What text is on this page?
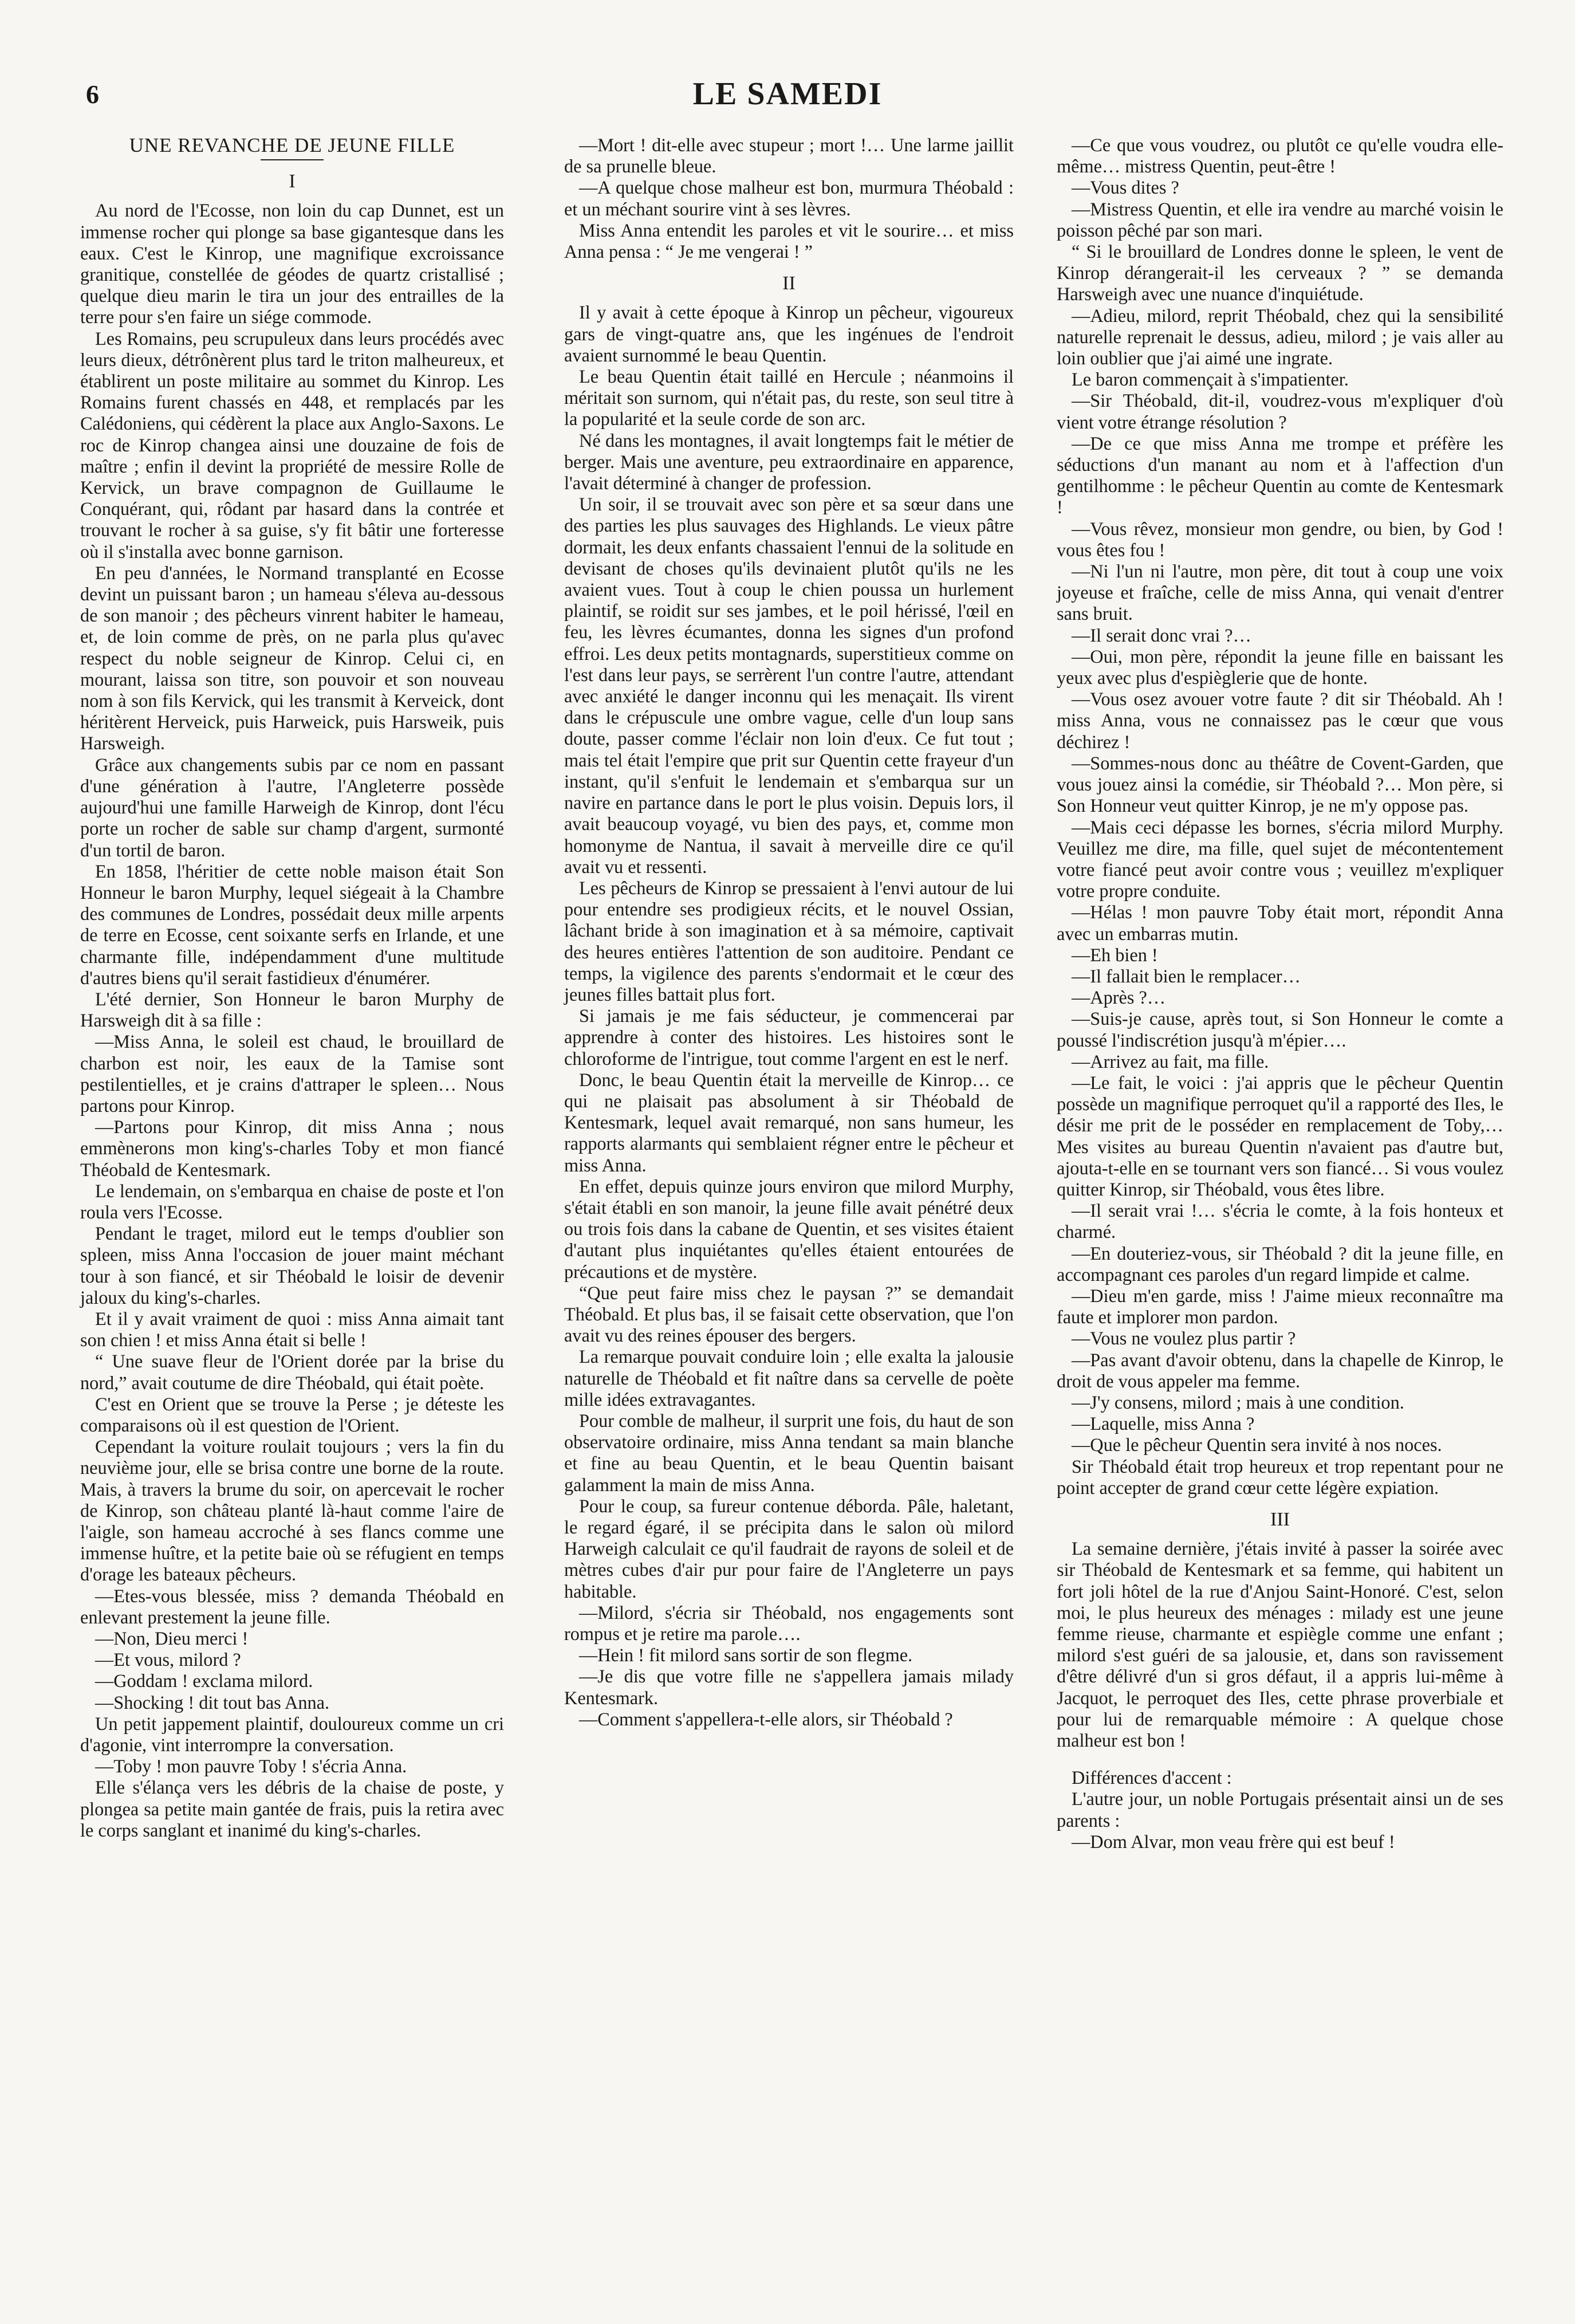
6	LE SAMEDI
UNE REVANCHE DE JEUNE FILLE
I

Au nord de l'Ecosse, non loin du cap Dunnet, est un immense rocher qui plonge sa base gigantesque dans les eaux. C'est le Kinrop, une magnifique excroissance granitique, constellée de géodes de quartz cristallisé ; quelque dieu marin le tira un jour des entrailles de la terre pour s'en faire un siége commode.

Les Romains, peu scrupuleux dans leurs procédés avec leurs dieux, détrônèrent plus tard le triton malheureux, et établirent un poste militaire au sommet du Kinrop. Les Romains furent chassés en 448, et remplacés par les Calédoniens, qui cédèrent la place aux Anglo-Saxons. Le roc de Kinrop changea ainsi une douzaine de fois de maître ; enfin il devint la propriété de messire Rolle de Kervick, un brave compagnon de Guillaume le Conquérant, qui, rôdant par hasard dans la contrée et trouvant le rocher à sa guise, s'y fit bâtir une forteresse où il s'installa avec bonne garnison.

En peu d'années, le Normand transplanté en Ecosse devint un puissant baron ; un hameau s'éleva au-dessous de son manoir ; des pêcheurs vinrent habiter le hameau, et, de loin comme de près, on ne parla plus qu'avec respect du noble seigneur de Kinrop. Celui ci, en mourant, laissa son titre, son pouvoir et son nouveau nom à son fils Kervick, qui les transmit à Kerveick, dont héritèrent Herveick, puis Harweick, puis Harsweik, puis Harsweigh.

Grâce aux changements subis par ce nom en passant d'une génération à l'autre, l'Angleterre possède aujourd'hui une famille Harweigh de Kinrop, dont l'écu porte un rocher de sable sur champ d'argent, surmonté d'un tortil de baron.

En 1858, l'héritier de cette noble maison était Son Honneur le baron Murphy, lequel siégeait à la Chambre des communes de Londres, possédait deux mille arpents de terre en Ecosse, cent soixante serfs en Irlande, et une charmante fille, indépendamment d'une multitude d'autres biens qu'il serait fastidieux d'énumérer.

L'été dernier, Son Honneur le baron Murphy de Harsweigh dit à sa fille :

—Miss Anna, le soleil est chaud, le brouillard de charbon est noir, les eaux de la Tamise sont pestilentielles, et je crains d'attraper le spleen… Nous partons pour Kinrop.

—Partons pour Kinrop, dit miss Anna ; nous emmènerons mon king's-charles Toby et mon fiancé Théobald de Kentesmark.

Le lendemain, on s'embarqua en chaise de poste et l'on roula vers l'Ecosse.

Pendant le traget, milord eut le temps d'oublier son spleen, miss Anna l'occasion de jouer maint méchant tour à son fiancé, et sir Théobald le loisir de devenir jaloux du king's-charles.

Et il y avait vraiment de quoi : miss Anna aimait tant son chien ! et miss Anna était si belle !

“ Une suave fleur de l'Orient dorée par la brise du nord,” avait coutume de dire Théobald, qui était poète.

C'est en Orient que se trouve la Perse ; je déteste les comparaisons où il est question de l'Orient.

Cependant la voiture roulait toujours ; vers la fin du neuvième jour, elle se brisa contre une borne de la route. Mais, à travers la brume du soir, on apercevait le rocher de Kinrop, son château planté là-haut comme l'aire de l'aigle, son hameau accroché à ses flancs comme une immense huître, et la petite baie où se réfugient en temps d'orage les bateaux pêcheurs.

—Etes-vous blessée, miss ? demanda Théobald en enlevant prestement la jeune fille.

—Non, Dieu merci !

—Et vous, milord ?

—Goddam ! exclama milord.

—Shocking ! dit tout bas Anna.

Un petit jappement plaintif, douloureux comme un cri d'agonie, vint interrompre la conversation.

—Toby ! mon pauvre Toby ! s'écria Anna.

Elle s'élança vers les débris de la chaise de poste, y plongea sa petite main gantée de frais, puis la retira avec le corps sanglant et inanimé du king's-charles.

—Mort ! dit-elle avec stupeur ; mort !… Une larme jaillit de sa prunelle bleue.

—A quelque chose malheur est bon, murmura Théobald : et un méchant sourire vint à ses lèvres.

Miss Anna entendit les paroles et vit le sourire… et miss Anna pensa : “ Je me vengerai ! ”

II

Il y avait à cette époque à Kinrop un pêcheur, vigoureux gars de vingt-quatre ans, que les ingénues de l'endroit avaient surnommé le beau Quentin.

Le beau Quentin était taillé en Hercule ; néanmoins il méritait son surnom, qui n'était pas, du reste, son seul titre à la popularité et la seule corde de son arc.

Né dans les montagnes, il avait longtemps fait le métier de berger. Mais une aventure, peu extraordinaire en apparence, l'avait déterminé à changer de profession.

Un soir, il se trouvait avec son père et sa sœur dans une des parties les plus sauvages des Highlands. Le vieux pâtre dormait, les deux enfants chassaient l'ennui de la solitude en devisant de choses qu'ils devinaient plutôt qu'ils ne les avaient vues. Tout à coup le chien poussa un hurlement plaintif, se roidit sur ses jambes, et le poil hérissé, l'œil en feu, les lèvres écumantes, donna les signes d'un profond effroi. Les deux petits montagnards, superstitieux comme on l'est dans leur pays, se serrèrent l'un contre l'autre, attendant avec anxiété le danger inconnu qui les menaçait. Ils virent dans le crépuscule une ombre vague, celle d'un loup sans doute, passer comme l'éclair non loin d'eux. Ce fut tout ; mais tel était l'empire que prit sur Quentin cette frayeur d'un instant, qu'il s'enfuit le lendemain et s'embarqua sur un navire en partance dans le port le plus voisin. Depuis lors, il avait beaucoup voyagé, vu bien des pays, et, comme mon homonyme de Nantua, il savait à merveille dire ce qu'il avait vu et ressenti.

Les pêcheurs de Kinrop se pressaient à l'envi autour de lui pour entendre ses prodigieux récits, et le nouvel Ossian, lâchant bride à son imagination et à sa mémoire, captivait des heures entières l'attention de son auditoire. Pendant ce temps, la vigilence des parents s'endormait et le cœur des jeunes filles battait plus fort.

Si jamais je me fais séducteur, je commencerai par apprendre à conter des histoires. Les histoires sont le chloroforme de l'intrigue, tout comme l'argent en est le nerf.

Donc, le beau Quentin était la merveille de Kinrop… ce qui ne plaisait pas absolument à sir Théobald de Kentesmark, lequel avait remarqué, non sans humeur, les rapports alarmants qui semblaient régner entre le pêcheur et miss Anna.

En effet, depuis quinze jours environ que milord Murphy, s'était établi en son manoir, la jeune fille avait pénétré deux ou trois fois dans la cabane de Quentin, et ses visites étaient d'autant plus inquiétantes qu'elles étaient entourées de précautions et de mystère.

“Que peut faire miss chez le paysan ?” se demandait Théobald. Et plus bas, il se faisait cette observation, que l'on avait vu des reines épouser des bergers.

La remarque pouvait conduire loin ; elle exalta la jalousie naturelle de Théobald et fit naître dans sa cervelle de poète mille idées extravagantes.

Pour comble de malheur, il surprit une fois, du haut de son observatoire ordinaire, miss Anna tendant sa main blanche et fine au beau Quentin, et le beau Quentin baisant galamment la main de miss Anna.

Pour le coup, sa fureur contenue déborda. Pâle, haletant, le regard égaré, il se précipita dans le salon où milord Harweigh calculait ce qu'il faudrait de rayons de soleil et de mètres cubes d'air pur pour faire de l'Angleterre un pays habitable.

—Milord, s'écria sir Théobald, nos engagements sont rompus et je retire ma parole….

—Hein ! fit milord sans sortir de son flegme.

—Je dis que votre fille ne s'appellera jamais milady Kentesmark.

—Comment s'appellera-t-elle alors, sir Théobald ?

—Ce que vous voudrez, ou plutôt ce qu'elle voudra elle-même… mistress Quentin, peut-être !

—Vous dites ?

—Mistress Quentin, et elle ira vendre au marché voisin le poisson pêché par son mari.

“ Si le brouillard de Londres donne le spleen, le vent de Kinrop dérangerait-il les cerveaux ? ” se demanda Harsweigh avec une nuance d'inquiétude.

—Adieu, milord, reprit Théobald, chez qui la sensibilité naturelle reprenait le dessus, adieu, milord ; je vais aller au loin oublier que j'ai aimé une ingrate.

Le baron commençait à s'impatienter.

—Sir Théobald, dit-il, voudrez-vous m'expliquer d'où vient votre étrange résolution ?

—De ce que miss Anna me trompe et préfère les séductions d'un manant au nom et à l'affection d'un gentilhomme : le pêcheur Quentin au comte de Kentesmark !

—Vous rêvez, monsieur mon gendre, ou bien, by God ! vous êtes fou !

—Ni l'un ni l'autre, mon père, dit tout à coup une voix joyeuse et fraîche, celle de miss Anna, qui venait d'entrer sans bruit.

—Il serait donc vrai ?…

—Oui, mon père, répondit la jeune fille en baissant les yeux avec plus d'espièglerie que de honte.

—Vous osez avouer votre faute ? dit sir Théobald. Ah ! miss Anna, vous ne connaissez pas le cœur que vous déchirez !

—Sommes-nous donc au théâtre de Covent-Garden, que vous jouez ainsi la comédie, sir Théobald ?… Mon père, si Son Honneur veut quitter Kinrop, je ne m'y oppose pas.

—Mais ceci dépasse les bornes, s'écria milord Murphy. Veuillez me dire, ma fille, quel sujet de mécontentement votre fiancé peut avoir contre vous ; veuillez m'expliquer votre propre conduite.

—Hélas ! mon pauvre Toby était mort, répondit Anna avec un embarras mutin.

—Eh bien !

—Il fallait bien le remplacer…

—Après ?…

—Suis-je cause, après tout, si Son Honneur le comte a poussé l'indiscrétion jusqu'à m'épier….

—Arrivez au fait, ma fille.

—Le fait, le voici : j'ai appris que le pêcheur Quentin possède un magnifique perroquet qu'il a rapporté des Iles, le désir me prit de le posséder en remplacement de Toby,… Mes visites au bureau Quentin n'avaient pas d'autre but, ajouta-t-elle en se tournant vers son fiancé… Si vous voulez quitter Kinrop, sir Théobald, vous êtes libre.

—Il serait vrai !… s'écria le comte, à la fois honteux et charmé.

—En douteriez-vous, sir Théobald ? dit la jeune fille, en accompagnant ces paroles d'un regard limpide et calme.

—Dieu m'en garde, miss ! J'aime mieux reconnaître ma faute et implorer mon pardon.

—Vous ne voulez plus partir ?

—Pas avant d'avoir obtenu, dans la chapelle de Kinrop, le droit de vous appeler ma femme.

—J'y consens, milord ; mais à une condition.

—Laquelle, miss Anna ?

—Que le pêcheur Quentin sera invité à nos noces.

Sir Théobald était trop heureux et trop repentant pour ne point accepter de grand cœur cette légère expiation.

III

La semaine dernière, j'étais invité à passer la soirée avec sir Théobald de Kentesmark et sa femme, qui habitent un fort joli hôtel de la rue d'Anjou Saint-Honoré. C'est, selon moi, le plus heureux des ménages : milady est une jeune femme rieuse, charmante et espiègle comme une enfant ; milord s'est guéri de sa jalousie, et, dans son ravissement d'être délivré d'un si gros défaut, il a appris lui-même à Jacquot, le perroquet des Iles, cette phrase proverbiale et pour lui de remarquable mémoire : A quelque chose malheur est bon !

Différences d'accent :

L'autre jour, un noble Portugais présentait ainsi un de ses parents :

—Dom Alvar, mon veau frère qui est beuf !
